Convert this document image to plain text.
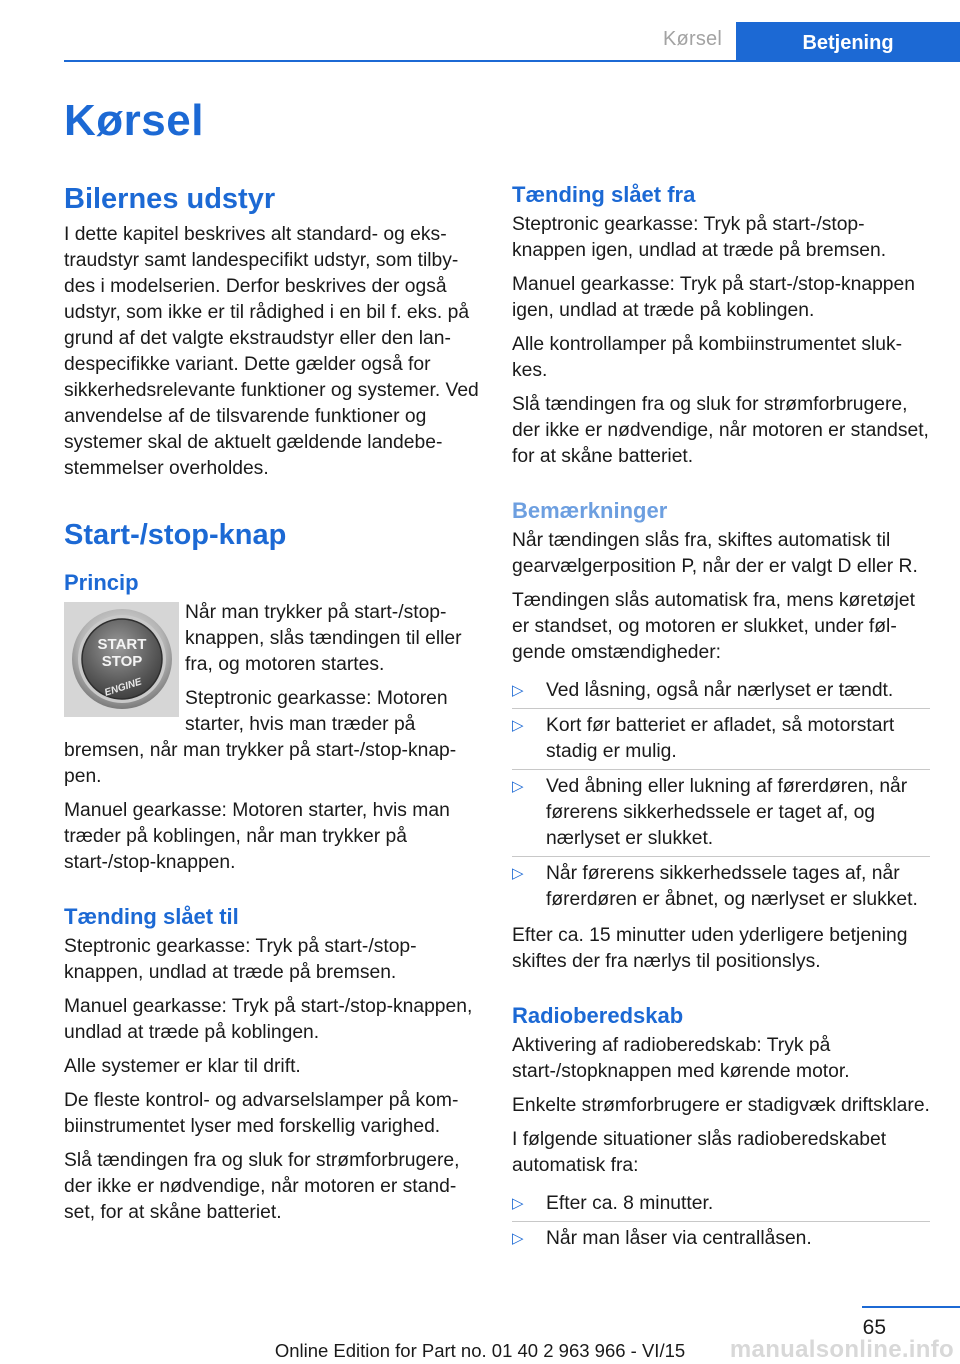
Kørsel	Betjening
Kørsel
Bilernes udstyr

I dette kapitel beskrives alt standard- og ekstraudstyr samt landespecifikt udstyr, som tilbydes i modelserien. Derfor beskrives der også udstyr, som ikke er til rådighed i en bil f. eks. på grund af det valgte ekstraudstyr eller den landespecifikke variant. Dette gælder også for sikkerhedsrelevante funktioner og systemer. Ved anvendelse af de tilsvarende funktioner og systemer skal de aktuelt gældende landebestemmelser overholdes.

Start-/stop-knap
Princip
START
STOP
ENGINE

Når man trykker på start-/stop-knappen, slås tændingen til eller fra, og motoren startes.

Steptronic gearkasse: Motoren starter, hvis man træder på bremsen, når man trykker på start-/stop-knappen.

Manuel gearkasse: Motoren starter, hvis man træder på koblingen, når man trykker på start-/stop-knappen.

Tænding slået til

Steptronic gearkasse: Tryk på start-/stop-knappen, undlad at træde på bremsen.

Manuel gearkasse: Tryk på start-/stop-knappen, undlad at træde på koblingen.

Alle systemer er klar til drift.

De fleste kontrol- og advarselslamper på kombiinstrumentet lyser med forskellig varighed.

Slå tændingen fra og sluk for strømforbrugere, der ikke er nødvendige, når motoren er standset, for at skåne batteriet.

Tænding slået fra

Steptronic gearkasse: Tryk på start-/stop-knappen igen, undlad at træde på bremsen.

Manuel gearkasse: Tryk på start-/stop-knappen igen, undlad at træde på koblingen.

Alle kontrollamper på kombiinstrumentet slukkes.

Slå tændingen fra og sluk for strømforbrugere, der ikke er nødvendige, når motoren er standset, for at skåne batteriet.

Bemærkninger

Når tændingen slås fra, skiftes automatisk til gearvælgerposition P, når der er valgt D eller R.

Tændingen slås automatisk fra, mens køretøjet er standset, og motoren er slukket, under følgende omstændigheder:

▷ Ved låsning, også når nærlyset er tændt.
▷ Kort før batteriet er afladet, så motorstart stadig er mulig.
▷ Ved åbning eller lukning af førerdøren, når førerens sikkerhedssele er taget af, og nærlyset er slukket.
▷ Når førerens sikkerhedssele tages af, når førerdøren er åbnet, og nærlyset er slukket.

Efter ca. 15 minutter uden yderligere betjening skiftes der fra nærlys til positionslys.

Radioberedskab

Aktivering af radioberedskab: Tryk på start-/stopknappen med kørende motor.

Enkelte strømforbrugere er stadigvæk driftsklare.

I følgende situationer slås radioberedskabet automatisk fra:

▷ Efter ca. 8 minutter.
▷ Når man låser via centrallåsen.
65
Online Edition for Part no. 01 40 2 963 966 - VI/15	manualsonline.info
